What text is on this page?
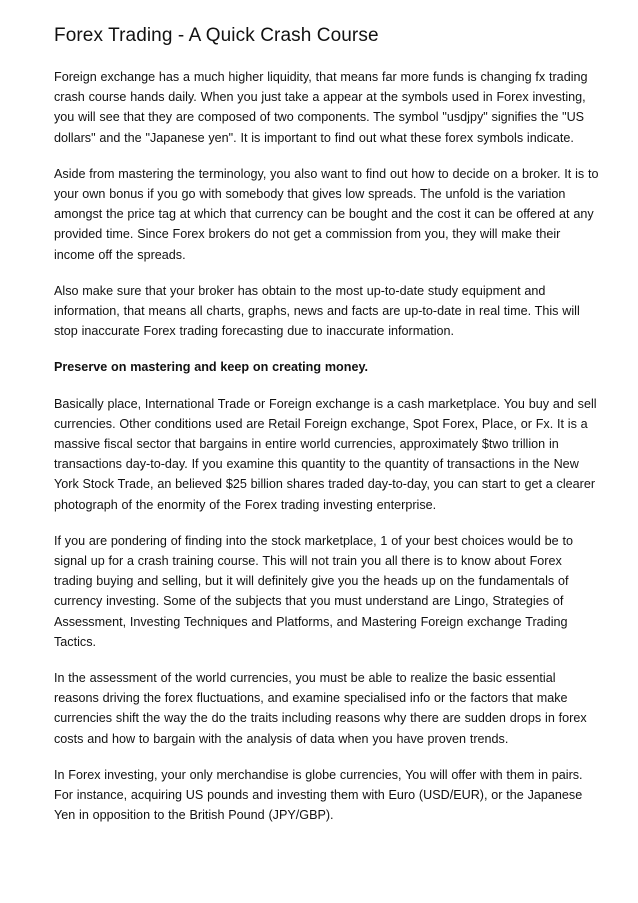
Forex Trading - A Quick Crash Course

Foreign exchange has a much higher liquidity, that means far more funds is changing fx trading crash course hands daily. When you just take a appear at the symbols used in Forex investing, you will see that they are composed of two components. The symbol "usdjpy" signifies the "US dollars" and the "Japanese yen". It is important to find out what these forex symbols indicate.

Aside from mastering the terminology, you also want to find out how to decide on a broker. It is to your own bonus if you go with somebody that gives low spreads. The unfold is the variation amongst the price tag at which that currency can be bought and the cost it can be offered at any provided time. Since Forex brokers do not get a commission from you, they will make their income off the spreads.

Also make sure that your broker has obtain to the most up-to-date study equipment and information, that means all charts, graphs, news and facts are up-to-date in real time. This will stop inaccurate Forex trading forecasting due to inaccurate information.

Preserve on mastering and keep on creating money.

Basically place, International Trade or Foreign exchange is a cash marketplace. You buy and sell currencies. Other conditions used are Retail Foreign exchange, Spot Forex, Place, or Fx. It is a massive fiscal sector that bargains in entire world currencies, approximately $two trillion in transactions day-to-day. If you examine this quantity to the quantity of transactions in the New York Stock Trade, an believed $25 billion shares traded day-to-day, you can start to get a clearer photograph of the enormity of the Forex trading investing enterprise.

If you are pondering of finding into the stock marketplace, 1 of your best choices would be to signal up for a crash training course. This will not train you all there is to know about Forex trading buying and selling, but it will definitely give you the heads up on the fundamentals of currency investing. Some of the subjects that you must understand are Lingo, Strategies of Assessment, Investing Techniques and Platforms, and Mastering Foreign exchange Trading Tactics.

In the assessment of the world currencies, you must be able to realize the basic essential reasons driving the forex fluctuations, and examine specialised info or the factors that make currencies shift the way the do the traits including reasons why there are sudden drops in forex costs and how to bargain with the analysis of data when you have proven trends.

In Forex investing, your only merchandise is globe currencies, You will offer with them in pairs. For instance, acquiring US pounds and investing them with Euro (USD/EUR), or the Japanese Yen in opposition to the British Pound (JPY/GBP).
